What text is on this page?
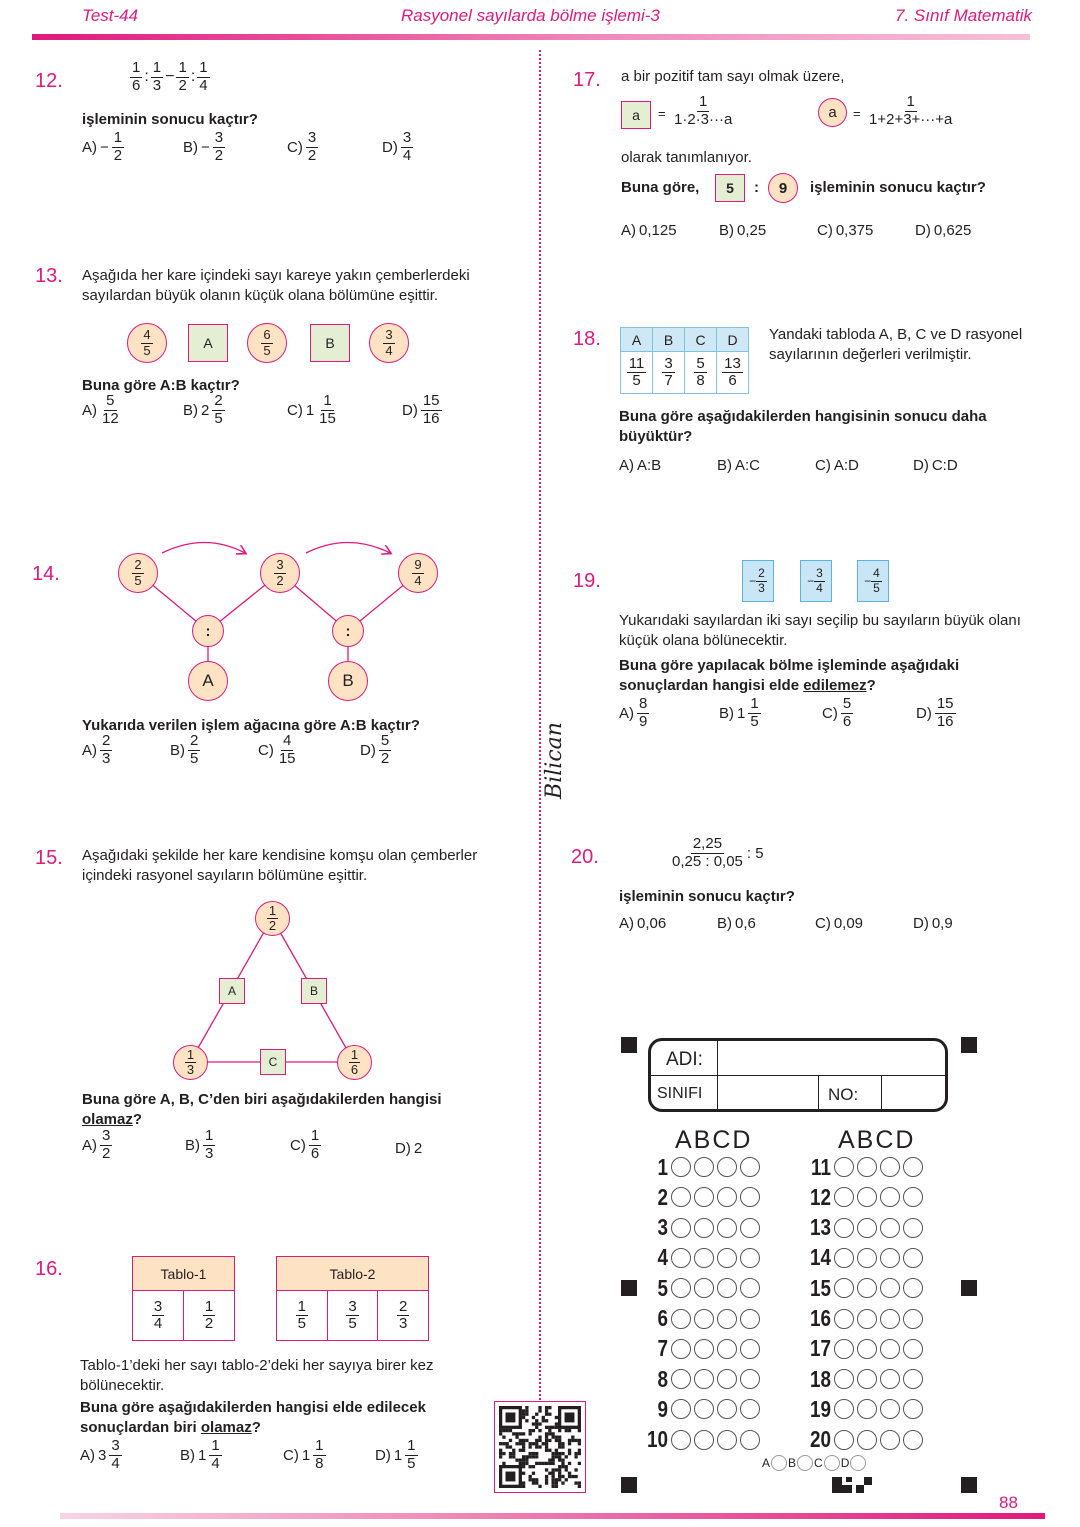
Test-44	Rasyonel sayılarda bölme işlemi-3	7. Sınıf Matematik
Bilican
12.	$\frac{1}{6}$ : $\frac{1}{3} - \frac{1}{2}$ : $\frac{1}{4}$
işleminin sonucu kaçtır?
$A) - \frac{1}{2}$	$B) - \frac{3}{2}$	$C) \frac{3}{2}$	$D) \frac{3}{4}$
13. Aşağıda her kare içindeki sayı kareye yakın çemberlerdeki sayılardan büyük olanın küçük olana bölümüne eşittir.
$\frac{4}{5}$	A	$\frac{6}{5}$	B	$\frac{3}{4}$
Buna göre A:B kaçtır?
$A) \frac{5}{12}$	B) $2 \frac{2}{5}$	C) $1 \frac{1}{15}$	$D) \frac{15}{16}$
14.	$\frac{2}{5}$	$\frac{3}{2}$	$\frac{9}{4}$
:	:
A	B
Yukarıda verilen işlem ağacına göre A:B kaçtır?
$A) \frac{2}{3}$	$B) \frac{2}{5}$	$C) \frac{4}{15}$	$D) \frac{5}{2}$
15. Aşağıdaki şekilde her kare kendisine komşu olan çemberler içindeki rasyonel sayıların bölümüne eşittir.
$\frac{1}{2}$
$\frac{1}{3}$	$\frac{1}{6}$
A	B
C
Buna göre A, B, C’den biri aşağıdakilerden hangisi olamaz?
$A) \frac{3}{2}$	$B) \frac{1}{3}$	$C) \frac{1}{6}$	D) 2
16.	Tablo-1

$\frac{3}{4}$	$\frac{1}{2}$
Tablo-2

$\frac{1}{5}$	$\frac{3}{5}$	$\frac{2}{3}$
Tablo-1’deki her sayı tablo-2’deki her sayıya birer kez bölünecektir.
Buna göre aşağıdakilerden hangisi elde edilecek sonuçlardan biri olamaz?
A) $3 \frac{3}{4}$	B) $1 \frac{1}{4}$	C) $1 \frac{1}{8}$	D) $1 \frac{1}{5}$
17. a bir pozitif tam sayı olmak üzere,
a	= $\frac{1}{1\cdot 2\cdot 3\cdot\cdot\cdot a}$	a	= $\frac{1}{1+2+3+\cdot\cdot\cdot+a}$
olarak tanımlanıyor.
Buna göre,	5	:	9	işleminin sonucu kaçtır?
A) 0,125	B) 0,25	C) 0,375	D) 0,625
18. A	B	C	D

$\frac{11}{5}$	$\frac{3}{7}$	$\frac{5}{8}$	$\frac{13}{6}$
Yandaki tabloda A, B, C ve D rasyonel sayılarının değerleri verilmiştir.
Buna göre aşağıdakilerden hangisinin sonucu daha büyüktür?
A) A:B	B) A:C	C) A:D	D) C:D
19.	− $\frac{2}{3}$	− $\frac{3}{4}$	− $\frac{4}{5}$
Yukarıdaki sayılardan iki sayı seçilip bu sayıların büyük olanı küçük olana bölünecektir.
Buna göre yapılacak bölme işleminde aşağıdaki sonuçlardan hangisi elde edilemez?
$A) \frac{8}{9}$	B) $1 \frac{1}{5}$	$C) \frac{5}{6}$	$D) \frac{15}{16}$
20.	$\frac{2,25}{0,25 : 0,05}$ : 5
işleminin sonucu kaçtır?
A) 0,06	B) 0,6	C) 0,09	D) 0,9
ADI:
SINIFI	NO:
ABCD	ABCD
1
2
3
4
5
6
7
8
9
10
11
12
13
14
15
16
17
18
19
20
A B C D
88
